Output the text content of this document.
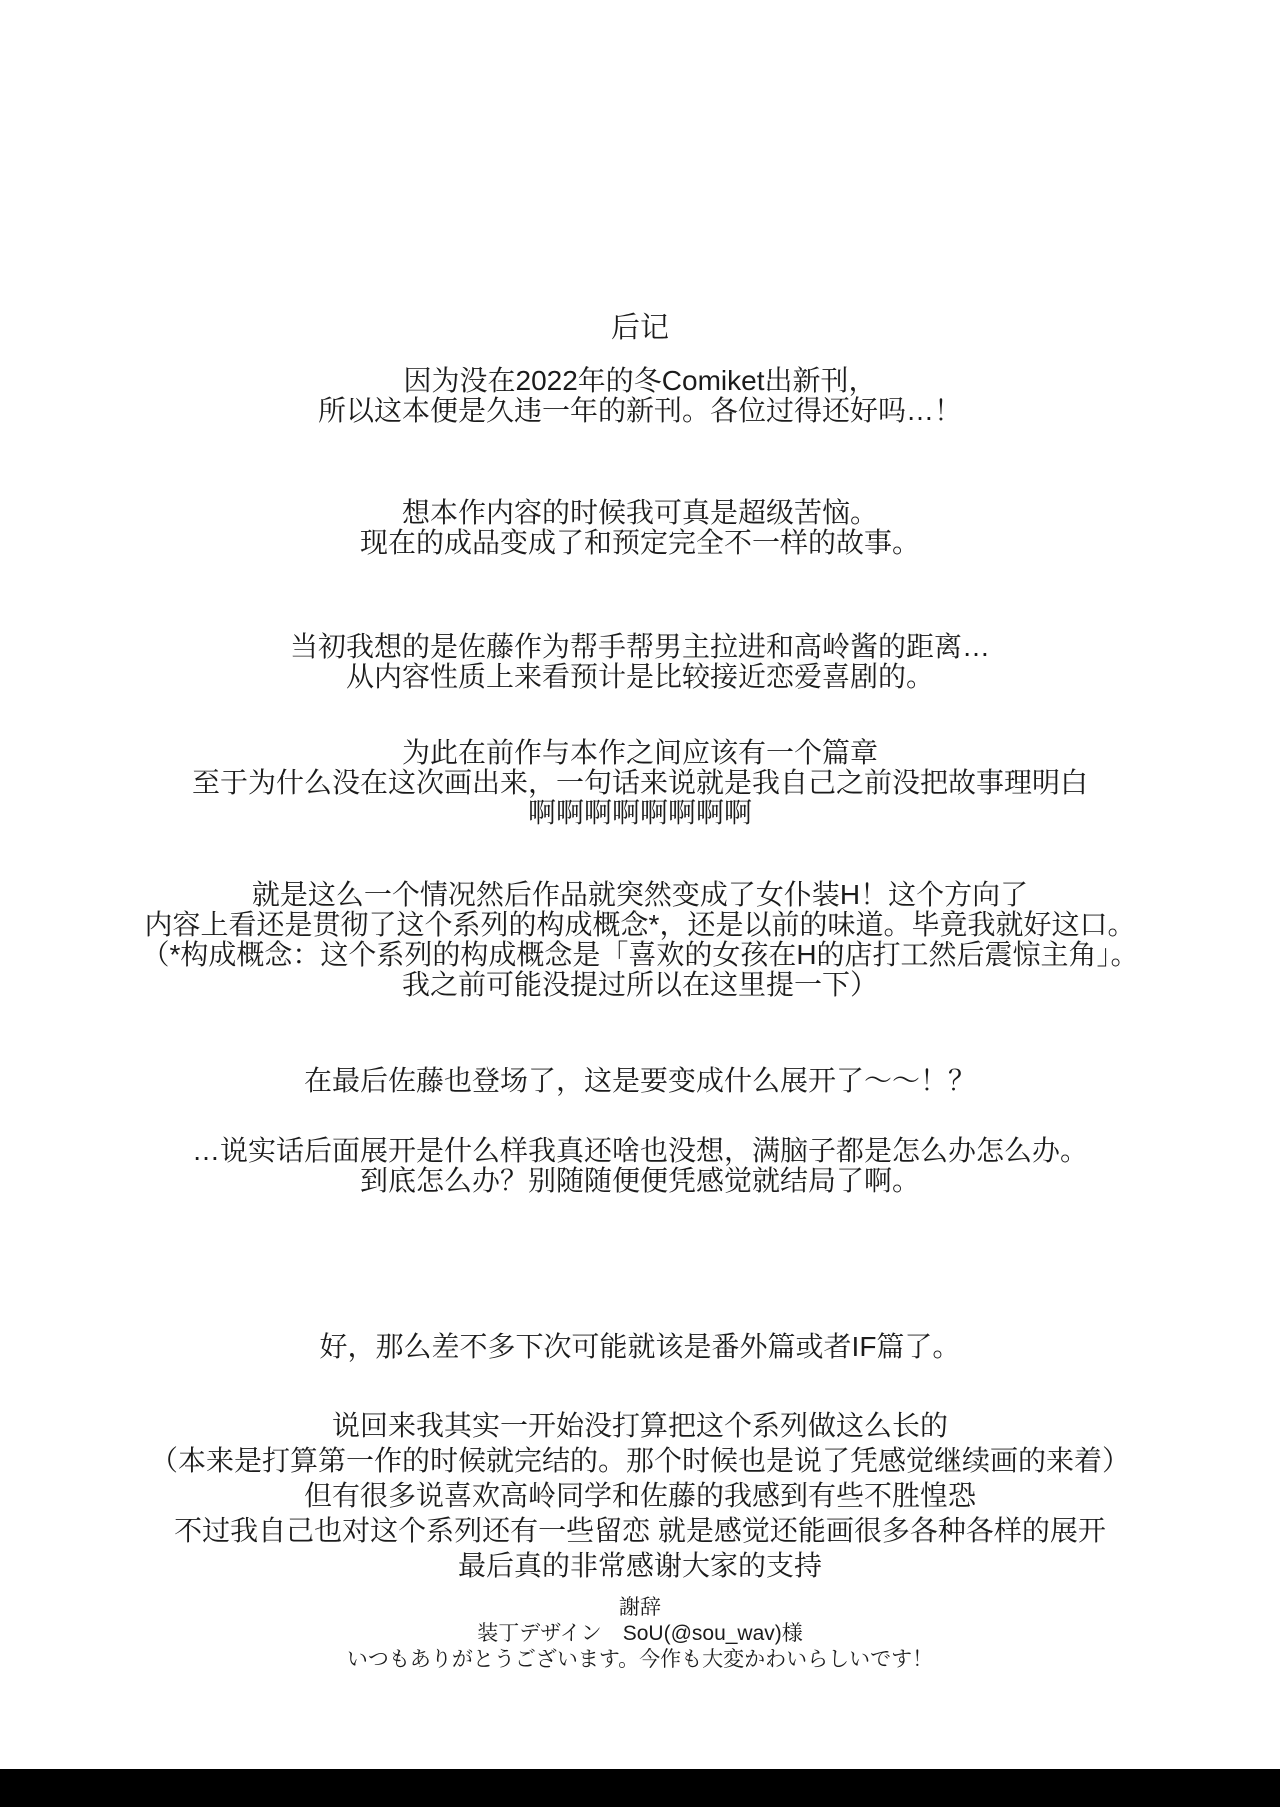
后记

因为没在2022年的冬Comiket出新刊，

所以这本便是久违一年的新刊。各位过得还好吗…！

想本作内容的时候我可真是超级苦恼。

现在的成品变成了和预定完全不一样的故事。

当初我想的是佐藤作为帮手帮男主拉进和高岭酱的距离…

从内容性质上来看预计是比较接近恋爱喜剧的。

为此在前作与本作之间应该有一个篇章

至于为什么没在这次画出来，一句话来说就是我自己之前没把故事理明白

啊啊啊啊啊啊啊啊

就是这么一个情况然后作品就突然变成了女仆装H！这个方向了

内容上看还是贯彻了这个系列的构成概念*，还是以前的味道。毕竟我就好这口。

（*构成概念：这个系列的构成概念是「喜欢的女孩在H的店打工然后震惊主角」。

我之前可能没提过所以在这里提一下）

在最后佐藤也登场了，这是要变成什么展开了～～！？

…说实话后面展开是什么样我真还啥也没想，满脑子都是怎么办怎么办。

到底怎么办？别随随便便凭感觉就结局了啊。

好，那么差不多下次可能就该是番外篇或者IF篇了。

说回来我其实一开始没打算把这个系列做这么长的

（本来是打算第一作的时候就完结的。那个时候也是说了凭感觉继续画的来着）

但有很多说喜欢高岭同学和佐藤的我感到有些不胜惶恐

不过我自己也对这个系列还有一些留恋 就是感觉还能画很多各种各样的展开

最后真的非常感谢大家的支持

謝辞

装丁デザイン　SoU(@sou_wav)様

いつもありがとうございます。今作も大変かわいらしいです！
